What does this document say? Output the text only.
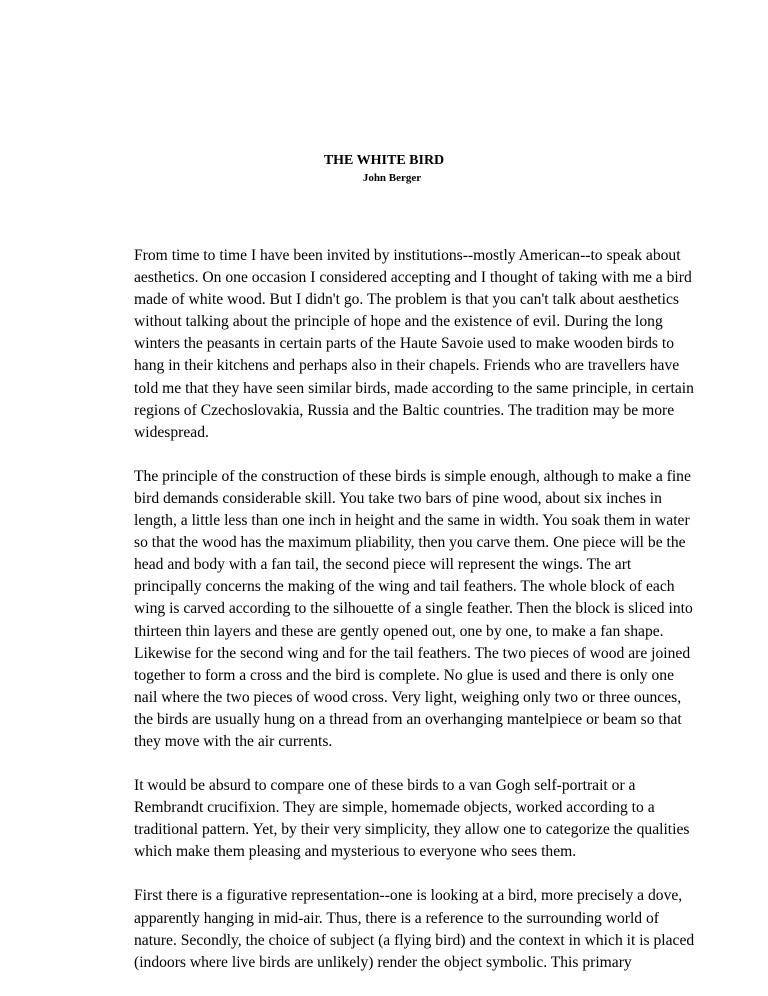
THE WHITE BIRD
John Berger

From time to time I have been invited by institutions--mostly American--to speak about
aesthetics. On one occasion I considered accepting and I thought of taking with me a bird
made of white wood. But I didn't go. The problem is that you can't talk about aesthetics
without talking about the principle of hope and the existence of evil. During the long
winters the peasants in certain parts of the Haute Savoie used to make wooden birds to
hang in their kitchens and perhaps also in their chapels. Friends who are travellers have
told me that they have seen similar birds, made according to the same principle, in certain
regions of Czechoslovakia, Russia and the Baltic countries. The tradition may be more
widespread.

The principle of the construction of these birds is simple enough, although to make a fine
bird demands considerable skill. You take two bars of pine wood, about six inches in
length, a little less than one inch in height and the same in width. You soak them in water
so that the wood has the maximum pliability, then you carve them. One piece will be the
head and body with a fan tail, the second piece will represent the wings. The art
principally concerns the making of the wing and tail feathers. The whole block of each
wing is carved according to the silhouette of a single feather. Then the block is sliced into
thirteen thin layers and these are gently opened out, one by one, to make a fan shape.
Likewise for the second wing and for the tail feathers. The two pieces of wood are joined
together to form a cross and the bird is complete. No glue is used and there is only one
nail where the two pieces of wood cross. Very light, weighing only two or three ounces,
the birds are usually hung on a thread from an overhanging mantelpiece or beam so that
they move with the air currents.

It would be absurd to compare one of these birds to a van Gogh self-portrait or a
Rembrandt crucifixion. They are simple, homemade objects, worked according to a
traditional pattern. Yet, by their very simplicity, they allow one to categorize the qualities
which make them pleasing and mysterious to everyone who sees them.

First there is a figurative representation--one is looking at a bird, more precisely a dove,
apparently hanging in mid-air. Thus, there is a reference to the surrounding world of
nature. Secondly, the choice of subject (a flying bird) and the context in which it is placed
(indoors where live birds are unlikely) render the object symbolic. This primary
